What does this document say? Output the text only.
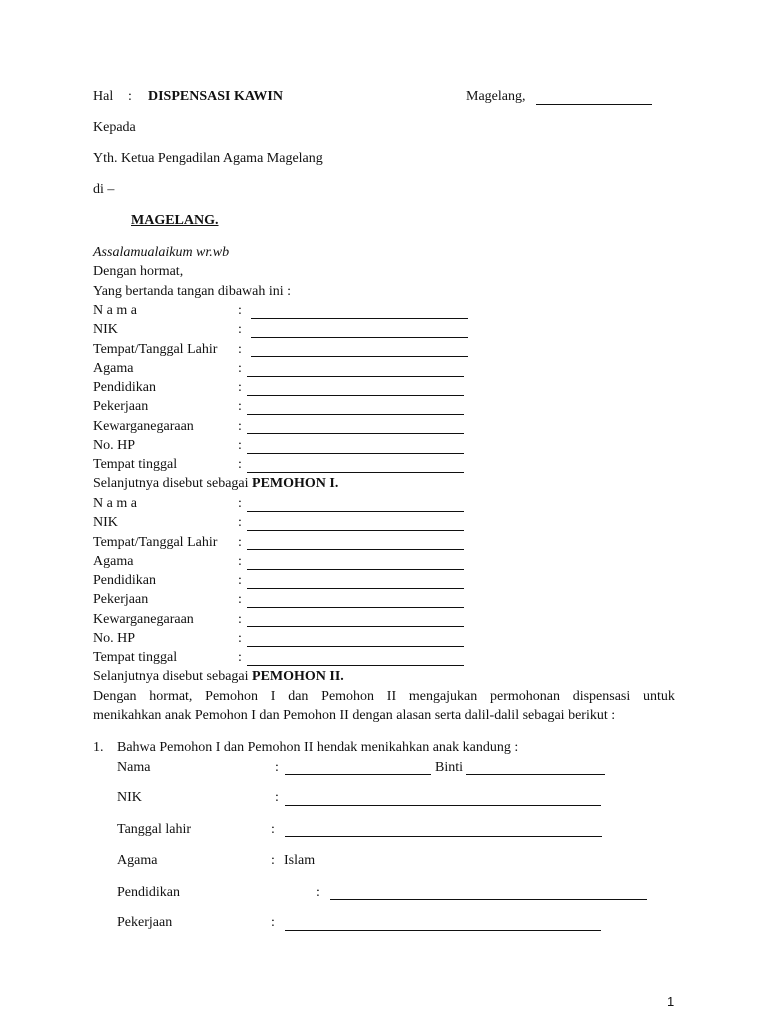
Hal : DISPENSASI KAWIN	Magelang,
Kepada
Yth. Ketua Pengadilan Agama Magelang
di –
MAGELANG.
Assalamualaikum wr.wb
Dengan hormat,
Yang bertanda tangan dibawah ini :
N a m a	:
NIK	:
Tempat/Tanggal Lahir :
Agama	:
Pendidikan	:
Pekerjaan	:
Kewarganegaraan	:
No. HP	:
Tempat tinggal	:
Selanjutnya disebut sebagai PEMOHON I.
N a m a	:
NIK	:
Tempat/Tanggal Lahir :
Agama	:
Pendidikan	:
Pekerjaan	:
Kewarganegaraan	:
No. HP	:
Tempat tinggal	:
Selanjutnya disebut sebagai PEMOHON II.
Dengan hormat, Pemohon I dan Pemohon II mengajukan permohonan dispensasi untuk
menikahkan anak Pemohon I dan Pemohon II dengan alasan serta dalil-dalil sebagai berikut :
1. Bahwa Pemohon I dan Pemohon II hendak menikahkan anak kandung :
Nama	:	Binti
NIK	:
Tanggal lahir	:
Agama	: Islam
Pendidikan	:
Pekerjaan	:
1
